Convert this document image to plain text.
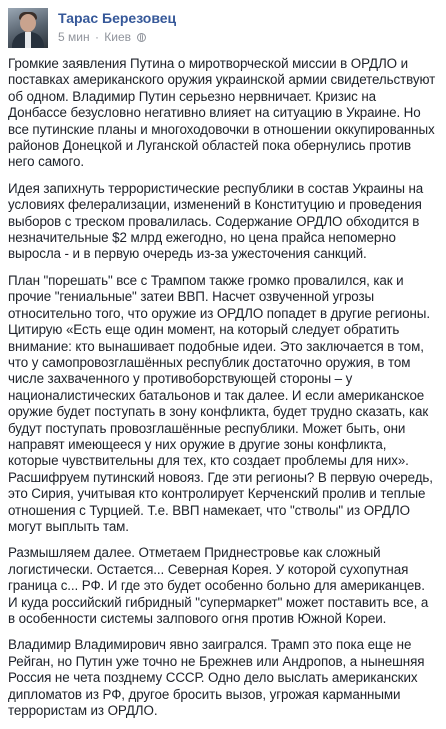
Тарас Березовец
5 мин · Киев

Громкие заявления Путина о миротворческой миссии в ОРДЛО и поставках американского оружия украинской армии свидетельствуют об одном. Владимир Путин серьезно нервничает. Кризис на Донбассе безусловно негативно влияет на ситуацию в Украине. Но все путинские планы и многоходовочки в отношении оккупированных районов Донецкой и Луганской областей пока обернулись против него самого.

Идея запихнуть террористические республики в состав Украины на условиях фелерализации, изменений в Конституцию и проведения выборов с треском провалилась. Содержание ОРДЛО обходится в незначительные $2 млрд ежегодно, но цена прайса непомерно выросла - и в первую очередь из-за ужесточения санкций.

План "порешать" все с Трампом также громко провалился, как и прочие "гениальные" затеи ВВП. Насчет озвученной угрозы относительно того, что оружие из ОРДЛО попадет в другие регионы. Цитирую «Есть еще один момент, на который следует обратить внимание: кто вынашивает подобные идеи. Это заключается в том, что у самопровозглашённых республик достаточно оружия, в том числе захваченного у противоборствующей стороны – у националистических батальонов и так далее. И если американское оружие будет поступать в зону конфликта, будет трудно сказать, как будут поступать провозглашённые республики. Может быть, они направят имеющееся у них оружие в другие зоны конфликта, которые чувствительны для тех, кто создает проблемы для них». Расшифруем путинский новояз. Где эти регионы? В первую очередь, это Сирия, учитывая кто контролирует Керченский пролив и теплые отношения с Турцией. Т.е. ВВП намекает, что "стволы" из ОРДЛО могут выплыть там.

Размышляем далее. Отметаем Приднестровье как сложный логистически. Остается... Северная Корея. У которой сухопутная граница с... РФ. И где это будет особенно больно для американцев. И куда российский гибридный "супермаркет" может поставить все, а в особенности системы залпового огня против Южной Кореи.

Владимир Владимирович явно заигрался. Трамп это пока еще не Рейган, но Путин уже точно не Брежнев или Андропов, а нынешняя Россия не чета позднему СССР. Одно дело выслать американских дипломатов из РФ, другое бросить вызов, угрожая карманными террористам из ОРДЛО.
